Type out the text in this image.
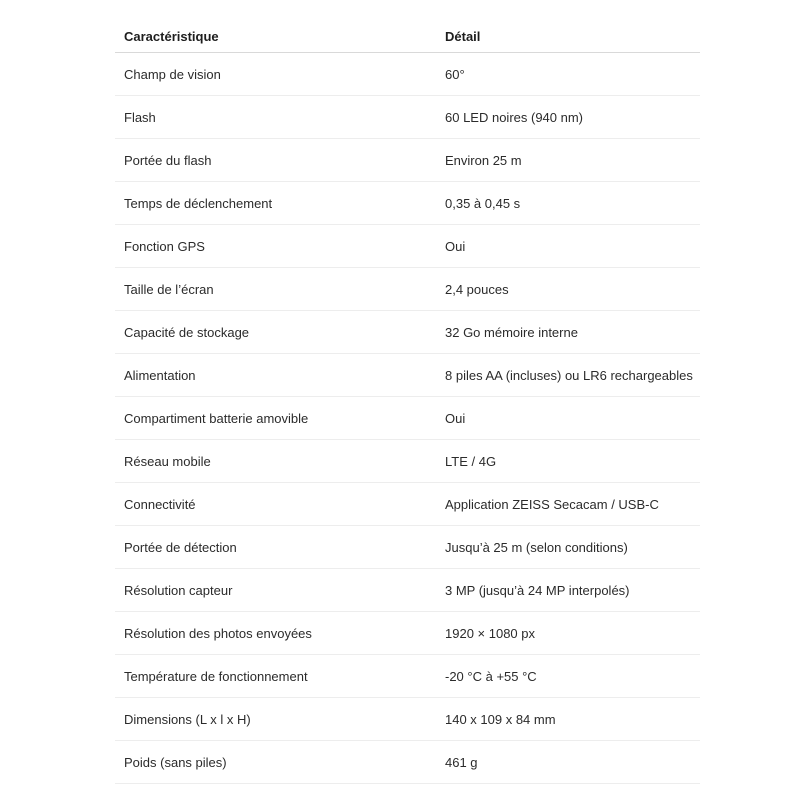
Caractéristique	Détail
Champ de vision	60°
Flash	60 LED noires (940 nm)
Portée du flash	Environ 25 m
Temps de déclenchement	0,35 à 0,45 s
Fonction GPS	Oui
Taille de l’écran	2,4 pouces
Capacité de stockage	32 Go mémoire interne
Alimentation	8 piles AA (incluses) ou LR6 rechargeables
Compartiment batterie amovible	Oui
Réseau mobile	LTE / 4G
Connectivité	Application ZEISS Secacam / USB-C
Portée de détection	Jusqu’à 25 m (selon conditions)
Résolution capteur	3 MP (jusqu’à 24 MP interpolés)
Résolution des photos envoyées	1920 × 1080 px
Température de fonctionnement	-20 °C à +55 °C
Dimensions (L x l x H)	140 x 109 x 84 mm
Poids (sans piles)	461 g
